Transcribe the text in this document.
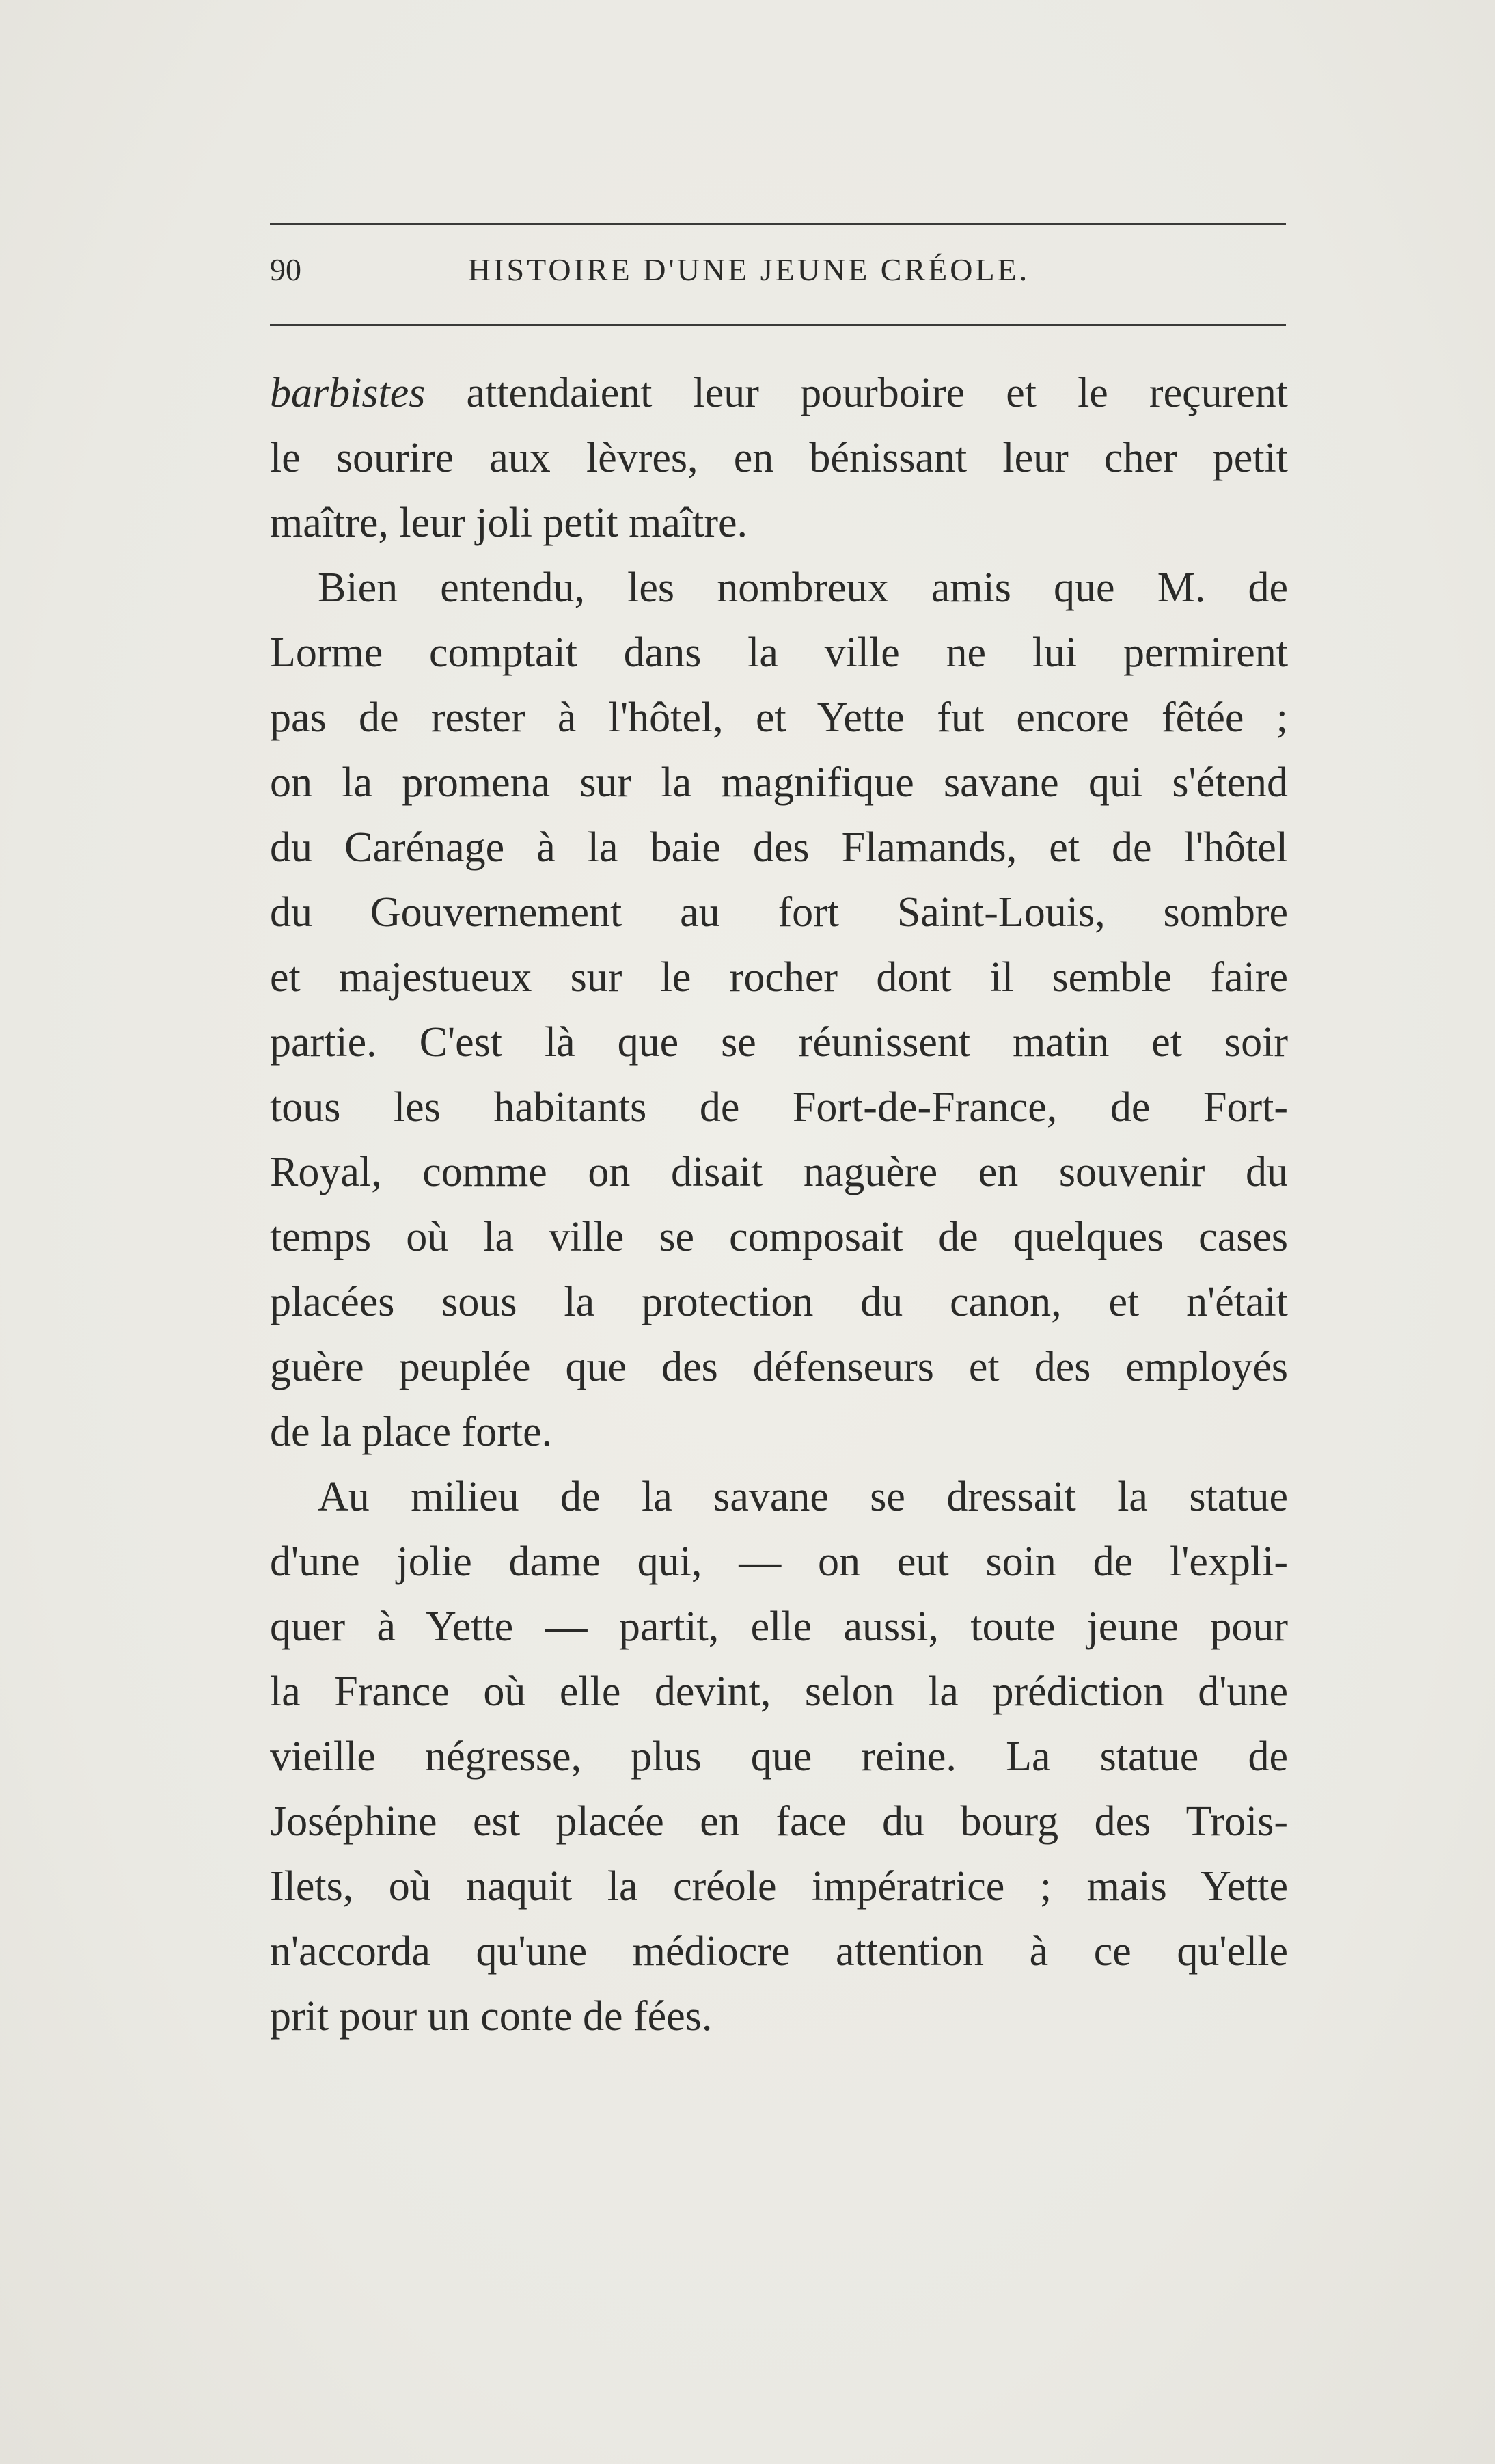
90	HISTOIRE D'UNE JEUNE CRÉOLE.
barbistes attendaient leur pourboire et le reçurent
le sourire aux lèvres, en bénissant leur cher petit
maître, leur joli petit maître.
Bien entendu, les nombreux amis que M. de
Lorme comptait dans la ville ne lui permirent
pas de rester à l'hôtel, et Yette fut encore fêtée ;
on la promena sur la magnifique savane qui s'étend
du Carénage à la baie des Flamands, et de l'hôtel
du Gouvernement au fort Saint-Louis, sombre
et majestueux sur le rocher dont il semble faire
partie. C'est là que se réunissent matin et soir
tous les habitants de Fort-de-France, de Fort-
Royal, comme on disait naguère en souvenir du
temps où la ville se composait de quelques cases
placées sous la protection du canon, et n'était
guère peuplée que des défenseurs et des employés
de la place forte.
Au milieu de la savane se dressait la statue
d'une jolie dame qui, — on eut soin de l'expli-
quer à Yette — partit, elle aussi, toute jeune pour
la France où elle devint, selon la prédiction d'une
vieille négresse, plus que reine. La statue de
Joséphine est placée en face du bourg des Trois-
Ilets, où naquit la créole impératrice ; mais Yette
n'accorda qu'une médiocre attention à ce qu'elle
prit pour un conte de fées.
